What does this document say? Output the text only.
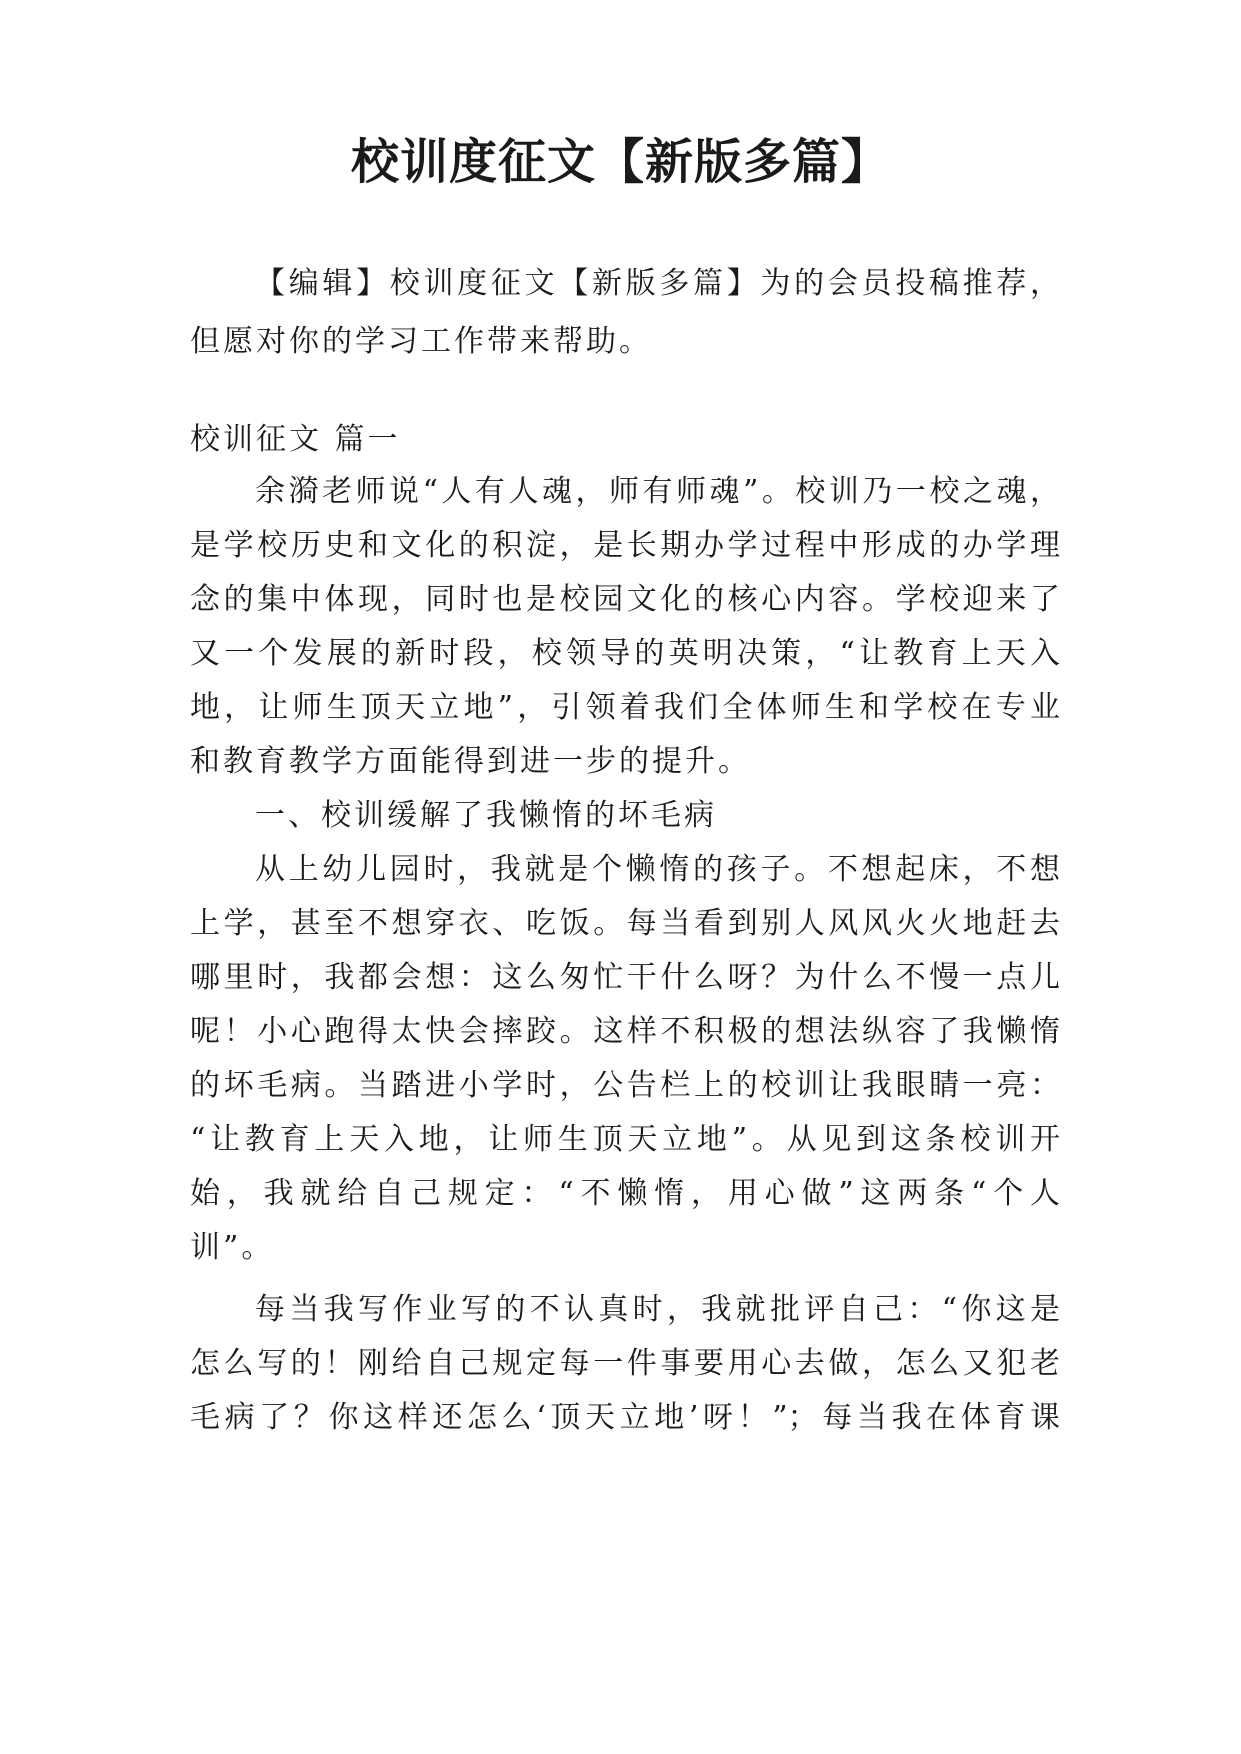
校训度征文【新版多篇】
【编辑】校训度征文【新版多篇】为的会员投稿推荐，
但愿对你的学习工作带来帮助。
校训征文 篇一
余漪老师说“人有人魂，师有师魂”。校训乃一校之魂，
是学校历史和文化的积淀，是长期办学过程中形成的办学理
念的集中体现，同时也是校园文化的核心内容。学校迎来了
又一个发展的新时段，校领导的英明决策，“让教育上天入
地，让师生顶天立地”，引领着我们全体师生和学校在专业
和教育教学方面能得到进一步的提升。
一、校训缓解了我懒惰的坏毛病
从上幼儿园时，我就是个懒惰的孩子。不想起床，不想
上学，甚至不想穿衣、吃饭。每当看到别人风风火火地赶去
哪里时，我都会想：这么匆忙干什么呀？为什么不慢一点儿
呢！小心跑得太快会摔跤。这样不积极的想法纵容了我懒惰
的坏毛病。当踏进小学时，公告栏上的校训让我眼睛一亮：
“让教育上天入地，让师生顶天立地”。从见到这条校训开
始，我就给自己规定：“不懒惰，用心做”这两条“个人
训”。
每当我写作业写的不认真时，我就批评自己：“你这是
怎么写的！刚给自己规定每一件事要用心去做，怎么又犯老
毛病了？你这样还怎么‘顶天立地’呀！”；每当我在体育课
